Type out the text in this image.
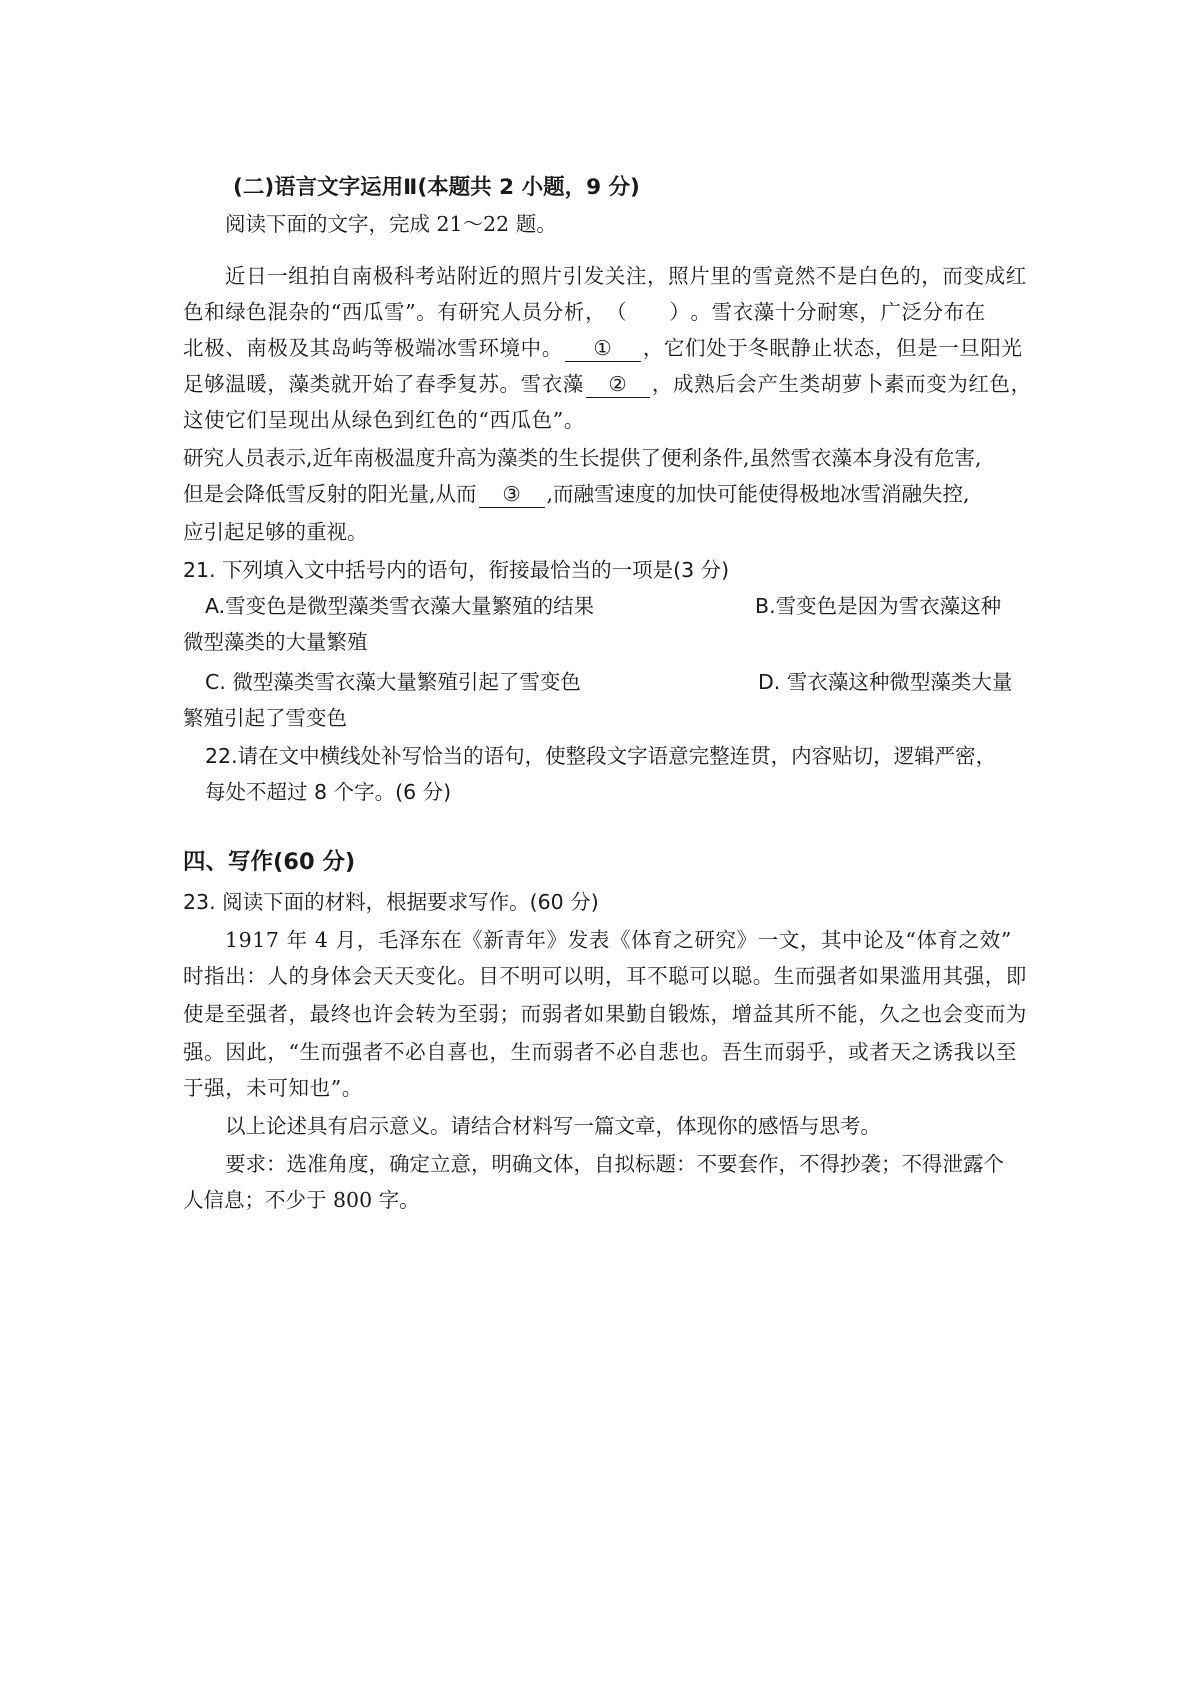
(二)语言文字运用Ⅱ(本题共 2 小题，9 分)
阅读下面的文字，完成 21～22 题。
近日一组拍自南极科考站附近的照片引发关注，照片里的雪竟然不是白色的，而变成红
色和绿色混杂的“西瓜雪”。有研究人员分析，（　　）。雪衣藻十分耐寒，广泛分布在
北极、南极及其岛屿等极端冰雪环境中。 ① ，它们处于冬眠静止状态，但是一旦阳光
足够温暖，藻类就开始了春季复苏。雪衣藻 ② ，成熟后会产生类胡萝卜素而变为红色，
这使它们呈现出从绿色到红色的“西瓜色”。
研究人员表示,近年南极温度升高为藻类的生长提供了便利条件,虽然雪衣藻本身没有危害,
但是会降低雪反射的阳光量,从而 ③ ,而融雪速度的加快可能使得极地冰雪消融失控,
应引起足够的重视。
21. 下列填入文中括号内的语句，衔接最恰当的一项是(3 分)
A.雪变色是微型藻类雪衣藻大量繁殖的结果	B.雪变色是因为雪衣藻这种
微型藻类的大量繁殖
C. 微型藻类雪衣藻大量繁殖引起了雪变色	D. 雪衣藻这种微型藻类大量
繁殖引起了雪变色
22.请在文中横线处补写恰当的语句，使整段文字语意完整连贯，内容贴切，逻辑严密，
每处不超过 8 个字。(6 分)
四、写作(60 分)
23. 阅读下面的材料，根据要求写作。(60 分)
1917 年 4 月，毛泽东在《新青年》发表《体育之研究》一文，其中论及“体育之效”
时指出：人的身体会天天变化。目不明可以明，耳不聪可以聪。生而强者如果滥用其强，即
使是至强者，最终也许会转为至弱；而弱者如果勤自锻炼，增益其所不能，久之也会变而为
强。因此，“生而强者不必自喜也，生而弱者不必自悲也。吾生而弱乎，或者天之诱我以至
于强，未可知也”。
以上论述具有启示意义。请结合材料写一篇文章，体现你的感悟与思考。
要求：选准角度，确定立意，明确文体，自拟标题：不要套作，不得抄袭；不得泄露个
人信息；不少于 800 字。
